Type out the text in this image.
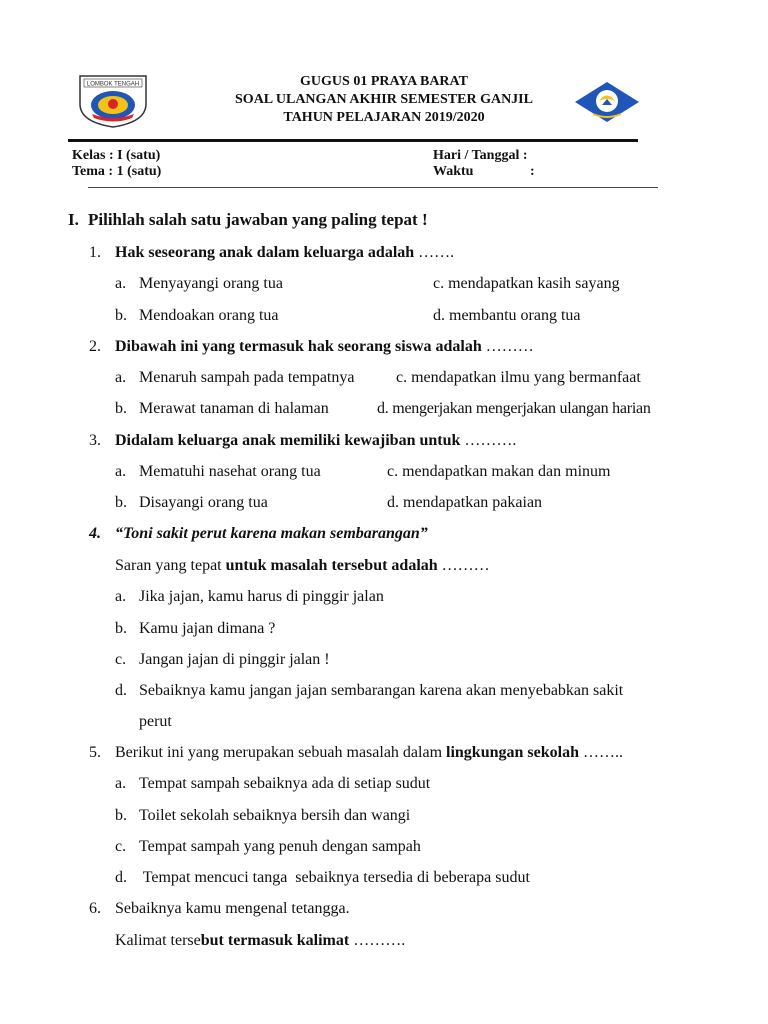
LOMBOK TENGAH	GUGUS 01 PRAYA BARAT
SOAL ULANGAN AKHIR SEMESTER GANJIL
TAHUN PELAJARAN 2019/2020
Kelas : I (satu)
Tema : 1 (satu)
Hari / Tanggal :
Waktu	:
I. Pilihlah salah satu jawaban yang paling tepat !
1. Hak seseorang anak dalam keluarga adalah …….
a. Menyayangi orang tua	c. mendapatkan kasih sayang
b. Mendoakan orang tua	d. membantu orang tua
2. Dibawah ini yang termasuk hak seorang siswa adalah ………
a. Menaruh sampah pada tempatnya	c. mendapatkan ilmu yang bermanfaat
b. Merawat tanaman di halaman	d. mengerjakan mengerjakan ulangan harian
3. Didalam keluarga anak memiliki kewajiban untuk ……….
a. Mematuhi nasehat orang tua	c. mendapatkan makan dan minum
b. Disayangi orang tua	d. mendapatkan pakaian
4. “Toni sakit perut karena makan sembarangan”
Saran yang tepat untuk masalah tersebut adalah ………
a. Jika jajan, kamu harus di pinggir jalan
b. Kamu jajan dimana ?
c. Jangan jajan di pinggir jalan !
d. Sebaiknya kamu jangan jajan sembarangan karena akan menyebabkan sakit
perut
5. Berikut ini yang merupakan sebuah masalah dalam lingkungan sekolah ……..
a. Tempat sampah sebaiknya ada di setiap sudut
b. Toilet sekolah sebaiknya bersih dan wangi
c. Tempat sampah yang penuh dengan sampah
d. Tempat mencuci tanga  sebaiknya tersedia di beberapa sudut
6. Sebaiknya kamu mengenal tetangga.
Kalimat tersebut termasuk kalimat ……….
